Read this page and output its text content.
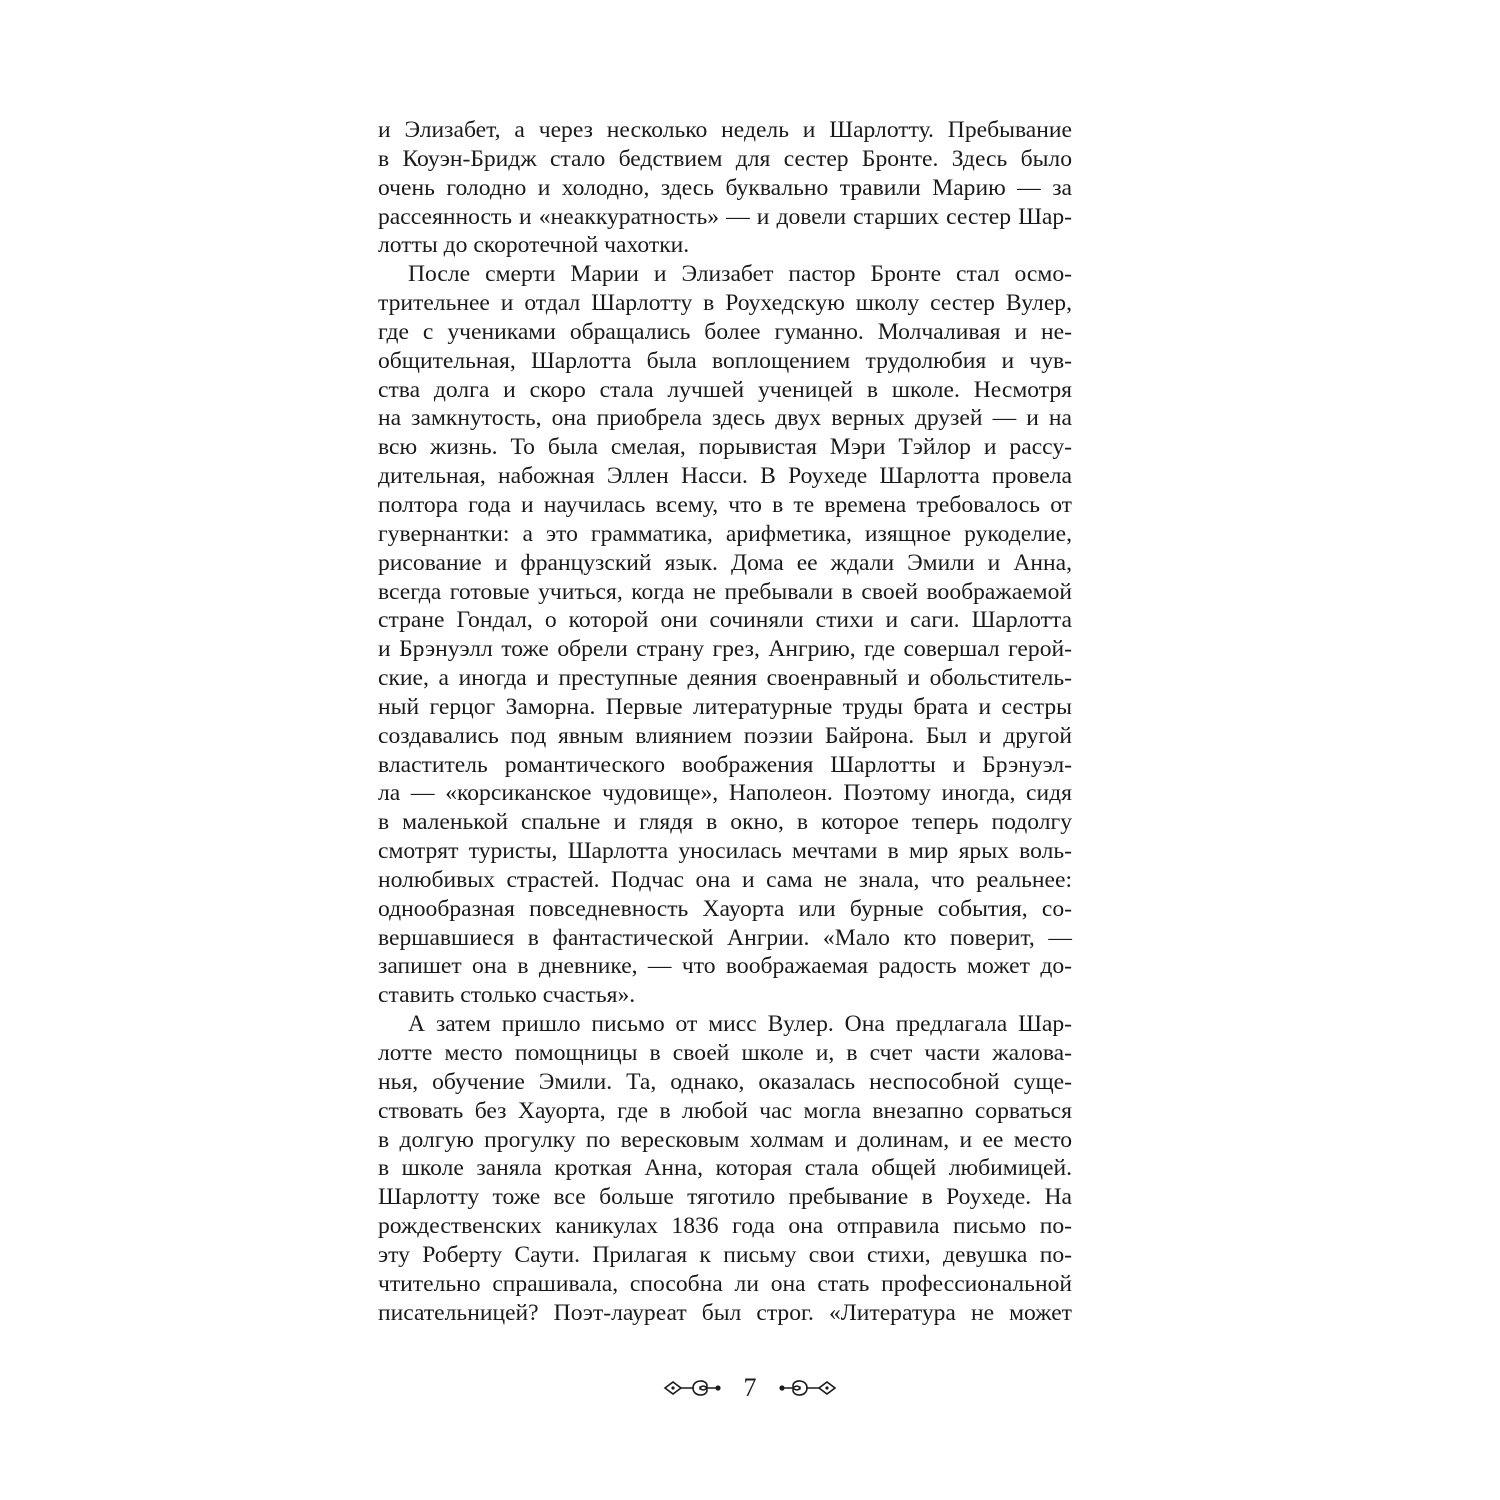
и Элизабет, а через несколько недель и Шарлотту. Пребывание
в Коуэн-Бридж стало бедствием для сестер Бронте. Здесь было
очень голодно и холодно, здесь буквально травили Марию — за
рассеянность и «неаккуратность» — и довели старших сестер Шар-
лотты до скоротечной чахотки.
После смерти Марии и Элизабет пастор Бронте стал осмо-
трительнее и отдал Шарлотту в Роухедскую школу сестер Вулер,
где с учениками обращались более гуманно. Молчаливая и не-
общительная, Шарлотта была воплощением трудолюбия и чув-
ства долга и скоро стала лучшей ученицей в школе. Несмотря
на замкнутость, она приобрела здесь двух верных друзей — и на
всю жизнь. То была смелая, порывистая Мэри Тэйлор и рассу-
дительная, набожная Эллен Насси. В Роухеде Шарлотта провела
полтора года и научилась всему, что в те времена требовалось от
гувернантки: а это грамматика, арифметика, изящное рукоделие,
рисование и французский язык. Дома ее ждали Эмили и Анна,
всегда готовые учиться, когда не пребывали в своей воображаемой
стране Гондал, о которой они сочиняли стихи и саги. Шарлотта
и Брэнуэлл тоже обрели страну грез, Ангрию, где совершал герой-
ские, а иногда и преступные деяния своенравный и обольститель-
ный герцог Заморна. Первые литературные труды брата и сестры
создавались под явным влиянием поэзии Байрона. Был и другой
властитель романтического воображения Шарлотты и Брэнуэл-
ла — «корсиканское чудовище», Наполеон. Поэтому иногда, сидя
в маленькой спальне и глядя в окно, в которое теперь подолгу
смотрят туристы, Шарлотта уносилась мечтами в мир ярых воль-
нолюбивых страстей. Подчас она и сама не знала, что реальнее:
однообразная повседневность Хауорта или бурные события, со-
вершавшиеся в фантастической Ангрии. «Мало кто поверит, —
запишет она в дневнике, — что воображаемая радость может до-
ставить столько счастья».
А затем пришло письмо от мисс Вулер. Она предлагала Шар-
лотте место помощницы в своей школе и, в счет части жалова-
нья, обучение Эмили. Та, однако, оказалась неспособной суще-
ствовать без Хауорта, где в любой час могла внезапно сорваться
в долгую прогулку по вересковым холмам и долинам, и ее место
в школе заняла кроткая Анна, которая стала общей любимицей.
Шарлотту тоже все больше тяготило пребывание в Роухеде. На
рождественских каникулах 1836 года она отправила письмо по-
эту Роберту Саути. Прилагая к письму свои стихи, девушка по-
чтительно спрашивала, способна ли она стать профессиональной
писательницей? Поэт-лауреат был строг. «Литература не может
7
